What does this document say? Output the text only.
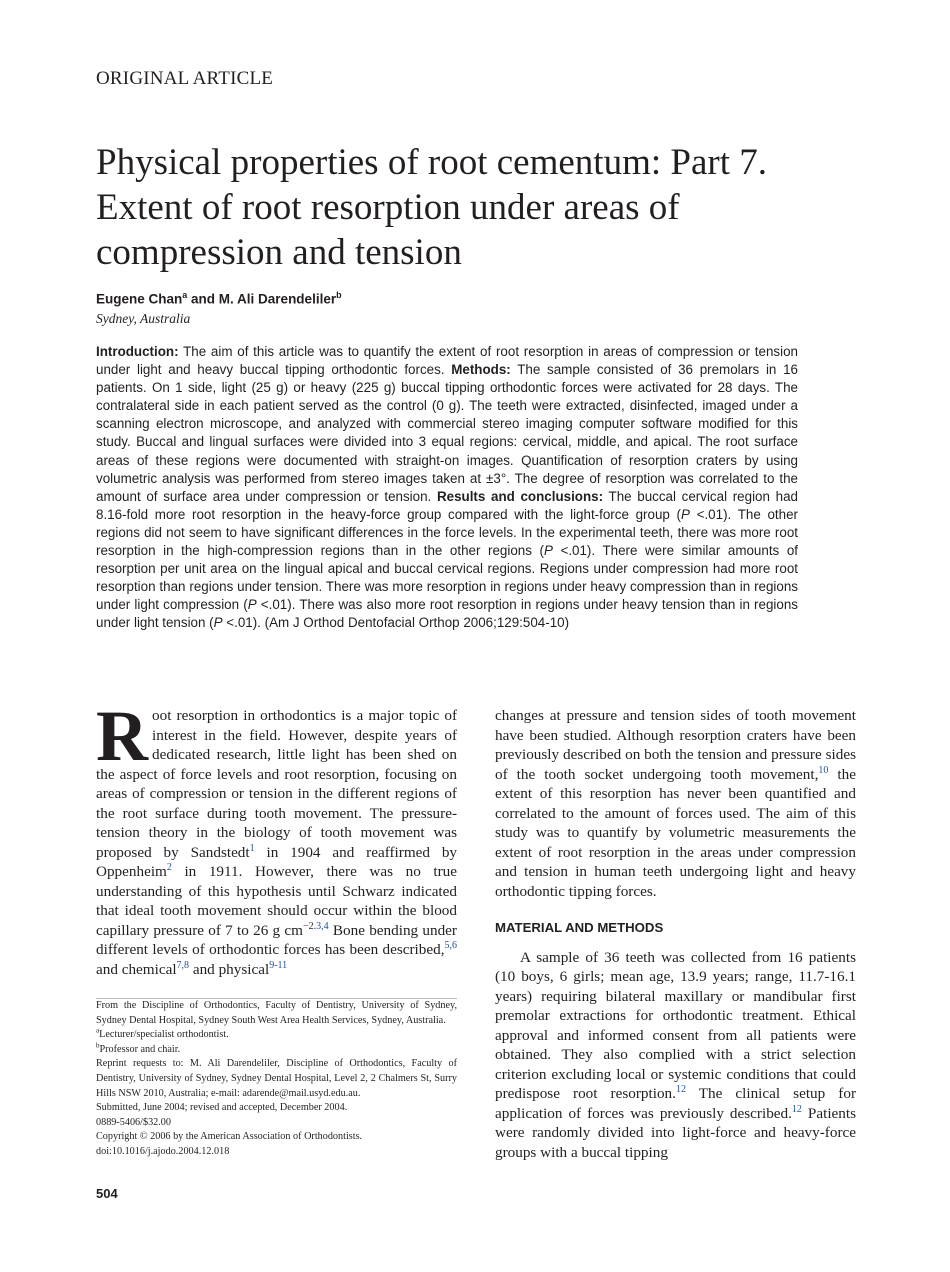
ORIGINAL ARTICLE
Physical properties of root cementum: Part 7. Extent of root resorption under areas of compression and tension
Eugene Chan$^a$ and M. Ali Darendeliler$^b$
Sydney, Australia

Introduction: The aim of this article was to quantify the extent of root resorption in areas of compression or tension under light and heavy buccal tipping orthodontic forces. Methods: The sample consisted of 36 premolars in 16 patients. On 1 side, light (25 g) or heavy (225 g) buccal tipping orthodontic forces were activated for 28 days. The contralateral side in each patient served as the control (0 g). The teeth were extracted, disinfected, imaged under a scanning electron microscope, and analyzed with commercial stereo imaging computer software modified for this study. Buccal and lingual surfaces were divided into 3 equal regions: cervical, middle, and apical. The root surface areas of these regions were documented with straight-on images. Quantification of resorption craters by using volumetric analysis was performed from stereo images taken at ±3°. The degree of resorption was correlated to the amount of surface area under compression or tension. Results and conclusions: The buccal cervical region had 8.16-fold more root resorption in the heavy-force group compared with the light-force group (P <.01). The other regions did not seem to have significant differences in the force levels. In the experimental teeth, there was more root resorption in the high-compression regions than in the other regions (P <.01). There were similar amounts of resorption per unit area on the lingual apical and buccal cervical regions. Regions under compression had more root resorption than regions under tension. There was more resorption in regions under heavy compression than in regions under light compression (P <.01). There was also more root resorption in regions under heavy tension than in regions under light tension (P <.01). (Am J Orthod Dentofacial Orthop 2006;129:504-10)

Root resorption in orthodontics is a major topic of interest in the field. However, despite years of dedicated research, little light has been shed on the aspect of force levels and root resorption, focusing on areas of compression or tension in the different regions of the root surface during tooth movement. The pressure-tension theory in the biology of tooth movement was proposed by Sandstedt$^1$ in 1904 and reaffirmed by Oppenheim$^2$ in 1911. However, there was no true understanding of this hypothesis until Schwarz indicated that ideal tooth movement should occur within the blood capillary pressure of 7 to 26 g cm$^{-2.3,4}$ Bone bending under different levels of orthodontic forces has been described,$^{5,6}$ and chemical$^{7,8}$ and physical$^{9-11}$

From the Discipline of Orthodontics, Faculty of Dentistry, University of Sydney, Sydney Dental Hospital, Sydney South West Area Health Services, Sydney, Australia.
$^a$Lecturer/specialist orthodontist.
$^b$Professor and chair.
Reprint requests to: M. Ali Darendeliler, Discipline of Orthodontics, Faculty of Dentistry, University of Sydney, Sydney Dental Hospital, Level 2, 2 Chalmers St, Surry Hills NSW 2010, Australia; e-mail: adarende@mail.usyd.edu.au.
Submitted, June 2004; revised and accepted, December 2004.
0889-5406/$32.00
Copyright © 2006 by the American Association of Orthodontists.
doi:10.1016/j.ajodo.2004.12.018
504

changes at pressure and tension sides of tooth movement have been studied. Although resorption craters have been previously described on both the tension and pressure sides of the tooth socket undergoing tooth movement,$^{10}$ the extent of this resorption has never been quantified and correlated to the amount of forces used. The aim of this study was to quantify by volumetric measurements the extent of root resorption in the areas under compression and tension in human teeth undergoing light and heavy orthodontic tipping forces.

MATERIAL AND METHODS

A sample of 36 teeth was collected from 16 patients (10 boys, 6 girls; mean age, 13.9 years; range, 11.7-16.1 years) requiring bilateral maxillary or mandibular first premolar extractions for orthodontic treatment. Ethical approval and informed consent from all patients were obtained. They also complied with a strict selection criterion excluding local or systemic conditions that could predispose root resorption.$^{12}$ The clinical setup for application of forces was previously described.$^{12}$ Patients were randomly divided into light-force and heavy-force groups with a buccal tipping
